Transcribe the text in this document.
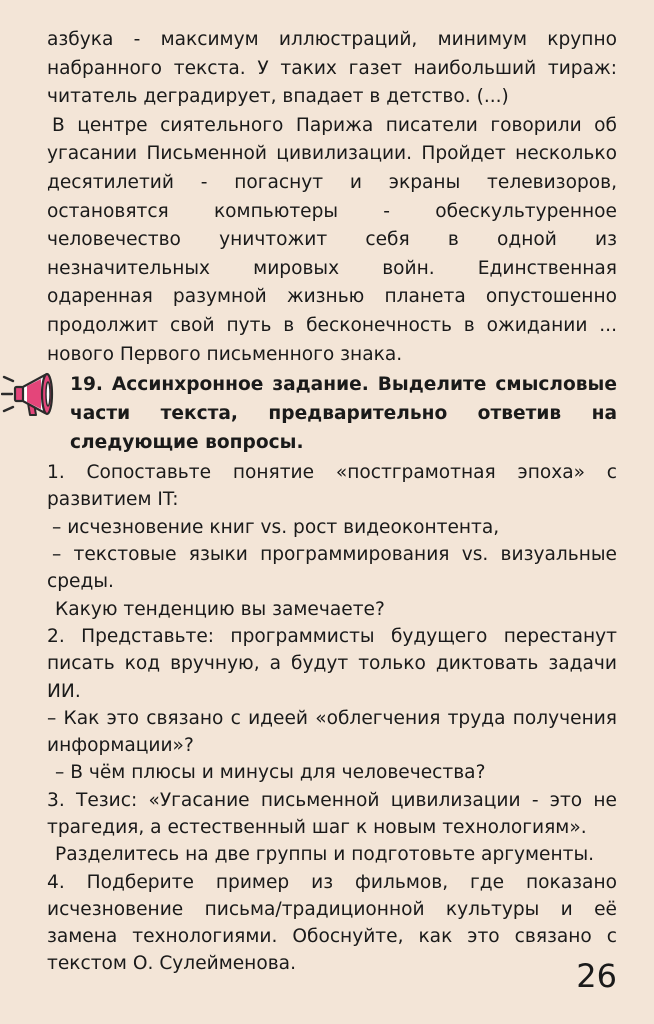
азбука - максимум иллюстраций, минимум крупно набранного текста. У таких газет наибольший тираж: читатель деградирует, впадает в детство. (...)

В центре сиятельного Парижа писатели говорили об угасании Письменной цивилизации. Пройдет несколько десятилетий - погаснут и экраны телевизоров, остановятся компьютеры - обескультуренное человечество уничтожит себя в одной из незначительных мировых войн. Единственная одаренная разумной жизнью планета опустошенно продолжит свой путь в бесконечность в ожидании ... нового Первого письменного знака.

19. Ассинхронное задание. Выделите смысловые части текста, предварительно ответив на следующие вопросы.

1. Сопоставьте понятие «постграмотная эпоха» с развитием IT:

– исчезновение книг vs. рост видеоконтента,

– текстовые языки программирования vs. визуальные среды.

Какую тенденцию вы замечаете?

2. Представьте: программисты будущего перестанут писать код вручную, а будут только диктовать задачи ИИ.

– Как это связано с идеей «облегчения труда получения информации»?

– В чём плюсы и минусы для человечества?

3. Тезис: «Угасание письменной цивилизации - это не трагедия, а естественный шаг к новым технологиям».

Разделитесь на две группы и подготовьте аргументы.

4. Подберите пример из фильмов, где показано исчезновение письма/традиционной культуры и её замена технологиями. Обоснуйте, как это связано с текстом О. Сулейменова.	26
